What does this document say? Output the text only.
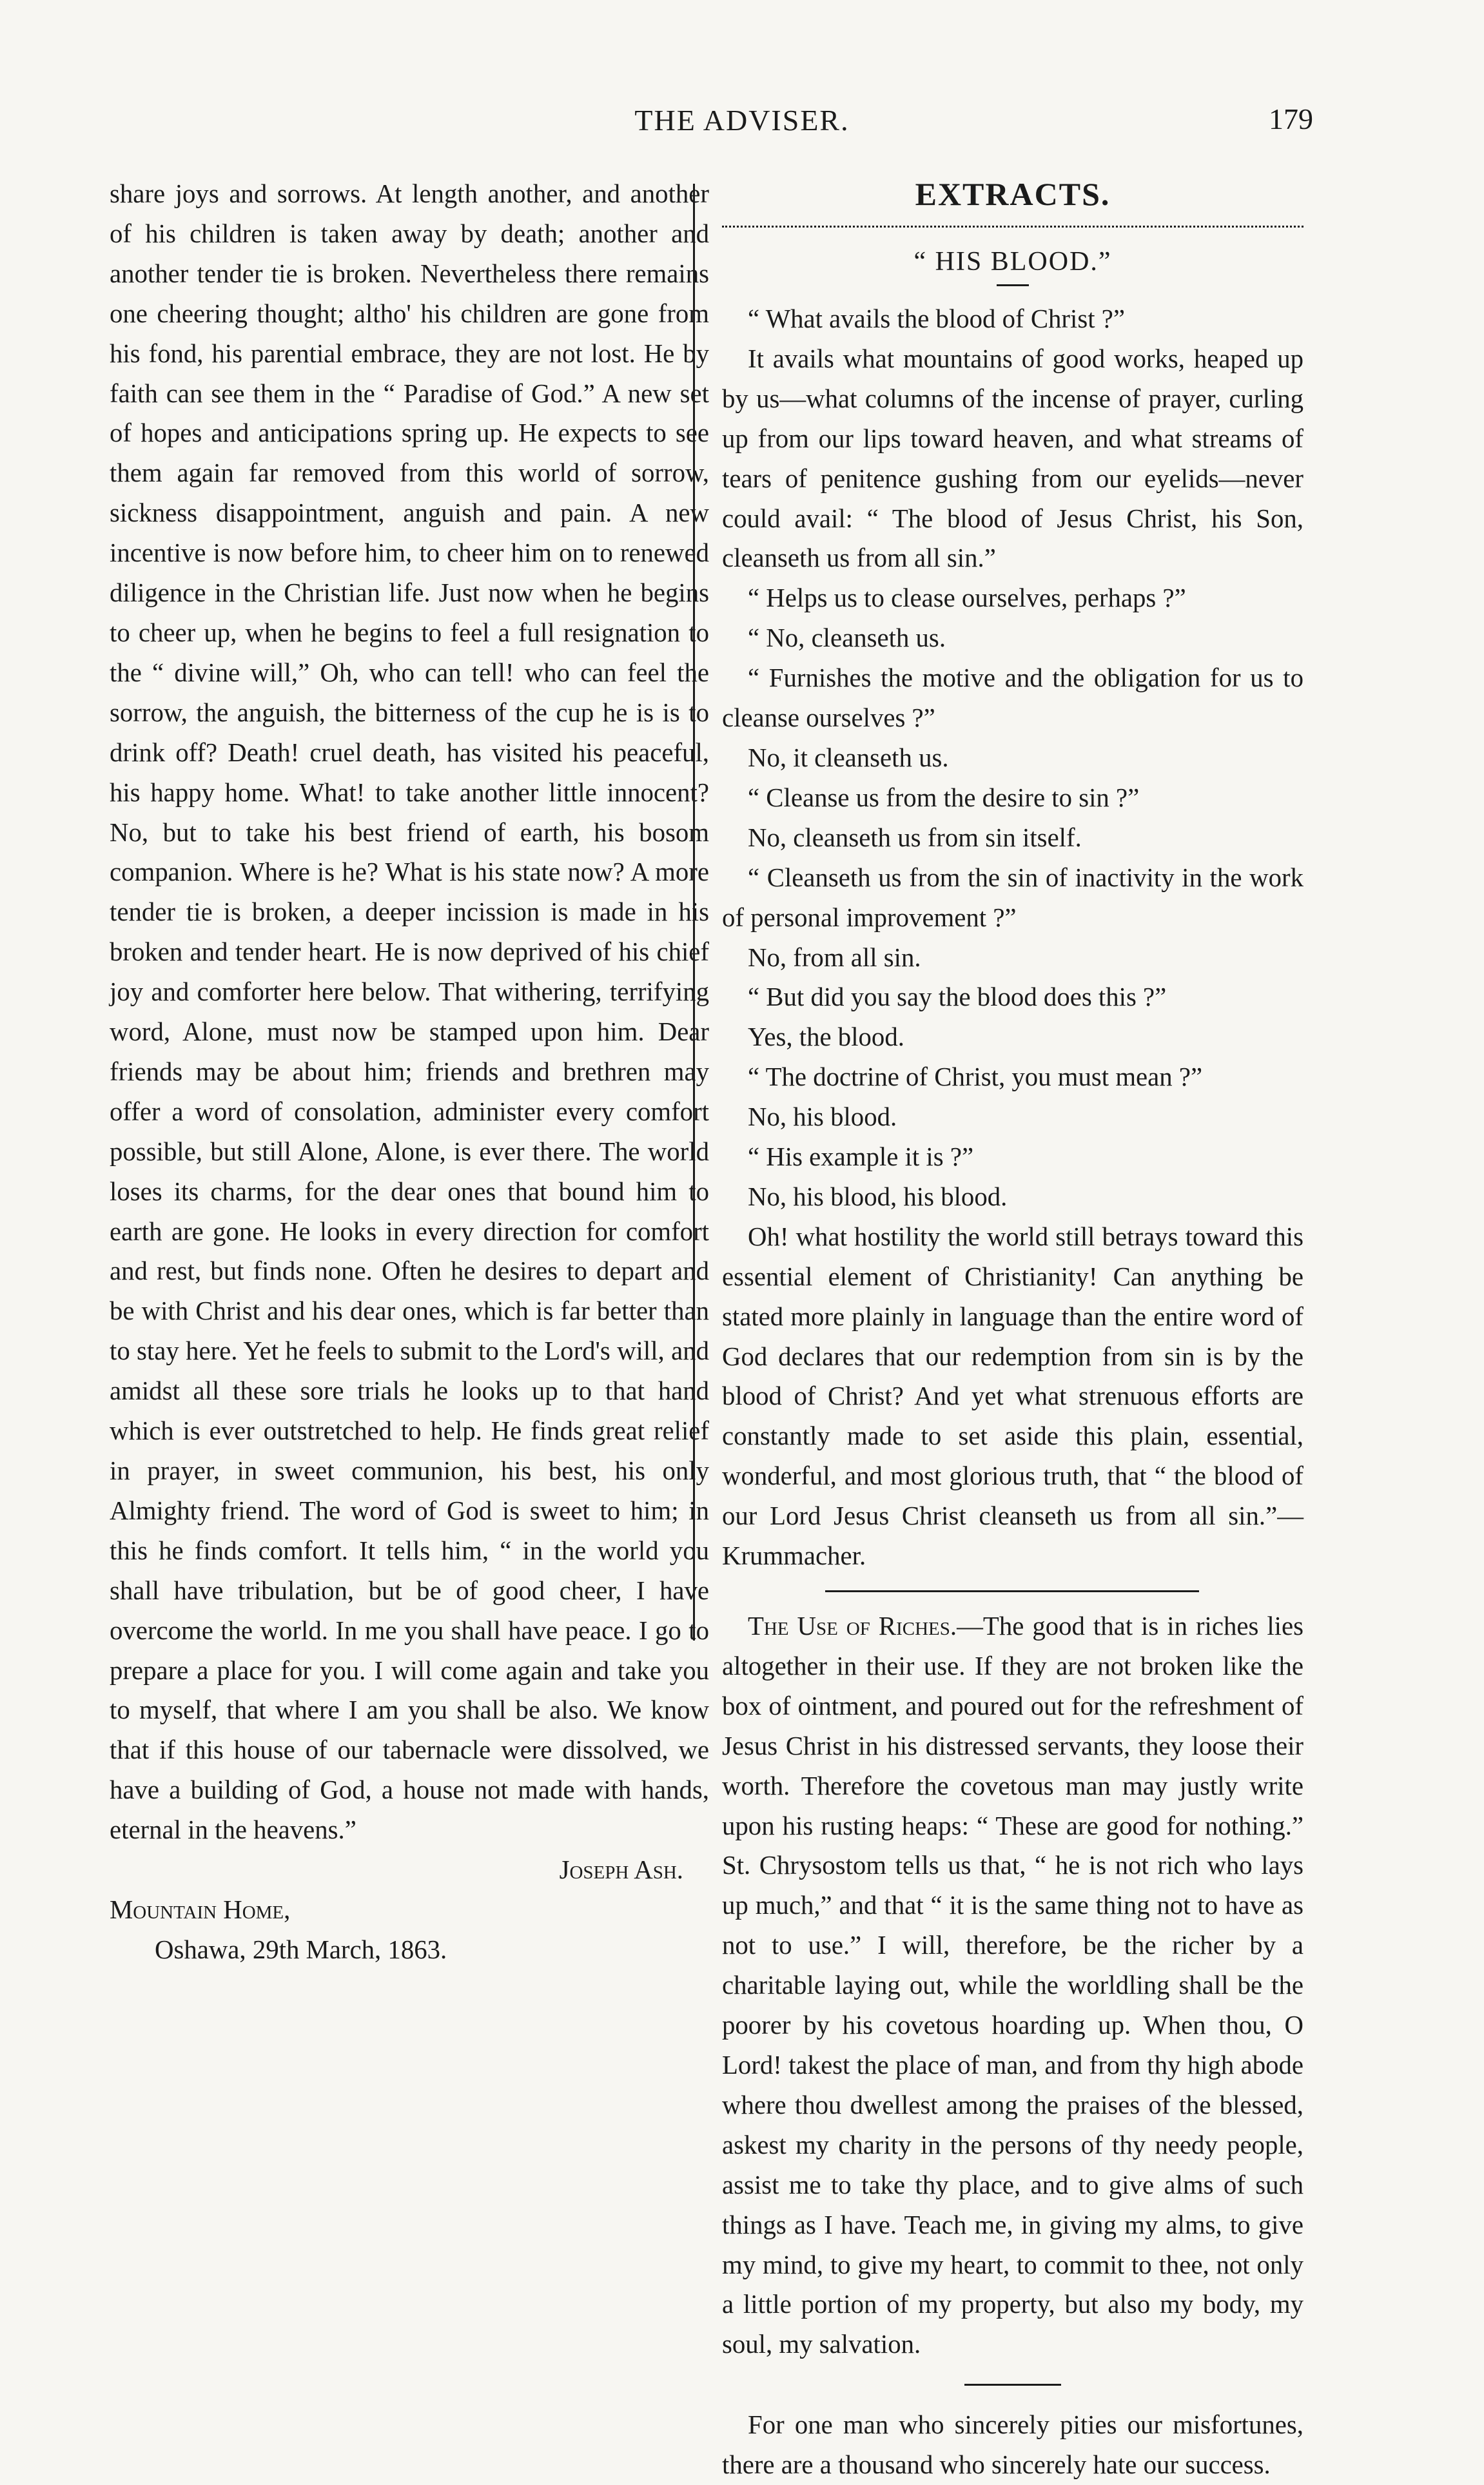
THE ADVISER.	179

share joys and sorrows. At length another, and another of his children is taken away by death; another and another tender tie is broken. Nevertheless there remains one cheering thought; altho' his children are gone from his fond, his parential embrace, they are not lost. He by faith can see them in the “ Paradise of God.” A new set of hopes and anticipations spring up. He expects to see them again far removed from this world of sorrow, sickness disappointment, anguish and pain. A new incentive is now before him, to cheer him on to renewed diligence in the Christian life. Just now when he begins to cheer up, when he begins to feel a full resignation to the “ divine will,” Oh, who can tell! who can feel the sorrow, the anguish, the bitterness of the cup he is is to drink off? Death! cruel death, has visited his peaceful, his happy home. What! to take another little innocent? No, but to take his best friend of earth, his bosom companion. Where is he? What is his state now? A more tender tie is broken, a deeper incission is made in his broken and tender heart. He is now deprived of his chief joy and comforter here below. That withering, terrifying word, Alone, must now be stamped upon him. Dear friends may be about him; friends and brethren may offer a word of consolation, administer every comfort possible, but still Alone, Alone, is ever there. The world loses its charms, for the dear ones that bound him to earth are gone. He looks in every direction for comfort and rest, but finds none. Often he desires to depart and be with Christ and his dear ones, which is far better than to stay here. Yet he feels to submit to the Lord's will, and amidst all these sore trials he looks up to that hand which is ever outstretched to help. He finds great relief in prayer, in sweet communion, his best, his only Almighty friend. The word of God is sweet to him; in this he finds comfort. It tells him, “ in the world you shall have tribulation, but be of good cheer, I have overcome the world. In me you shall have peace. I go to prepare a place for you. I will come again and take you to myself, that where I am you shall be also. We know that if this house of our tabernacle were dissolved, we have a building of God, a house not made with hands, eternal in the heavens.”

Joseph Ash.

Mountain Home,

Oshawa, 29th March, 1863.

EXTRACTS.
“ HIS BLOOD.”

“ What avails the blood of Christ ?”

It avails what mountains of good works, heaped up by us—what columns of the incense of prayer, curling up from our lips toward heaven, and what streams of tears of penitence gushing from our eyelids—never could avail: “ The blood of Jesus Christ, his Son, cleanseth us from all sin.”

“ Helps us to clease ourselves, perhaps ?”

“ No, cleanseth us.

“ Furnishes the motive and the obligation for us to cleanse ourselves ?”

No, it cleanseth us.

“ Cleanse us from the desire to sin ?”

No, cleanseth us from sin itself.

“ Cleanseth us from the sin of inactivity in the work of personal improvement ?”

No, from all sin.

“ But did you say the blood does this ?”

Yes, the blood.

“ The doctrine of Christ, you must mean ?”

No, his blood.

“ His example it is ?”

No, his blood, his blood.

Oh! what hostility the world still betrays toward this essential element of Christianity! Can anything be stated more plainly in language than the entire word of God declares that our redemption from sin is by the blood of Christ? And yet what strenuous efforts are constantly made to set aside this plain, essential, wonderful, and most glorious truth, that “ the blood of our Lord Jesus Christ cleanseth us from all sin.”—Krummacher.

The Use of Riches.—The good that is in riches lies altogether in their use. If they are not broken like the box of ointment, and poured out for the refreshment of Jesus Christ in his distressed servants, they loose their worth. Therefore the covetous man may justly write upon his rusting heaps: “ These are good for nothing.” St. Chrysostom tells us that, “ he is not rich who lays up much,” and that “ it is the same thing not to have as not to use.” I will, therefore, be the richer by a charitable laying out, while the worldling shall be the poorer by his covetous hoarding up. When thou, O Lord! takest the place of man, and from thy high abode where thou dwellest among the praises of the blessed, askest my charity in the persons of thy needy people, assist me to take thy place, and to give alms of such things as I have. Teach me, in giving my alms, to give my mind, to give my heart, to commit to thee, not only a little portion of my property, but also my body, my soul, my salvation.

For one man who sincerely pities our misfortunes, there are a thousand who sincerely hate our success.
